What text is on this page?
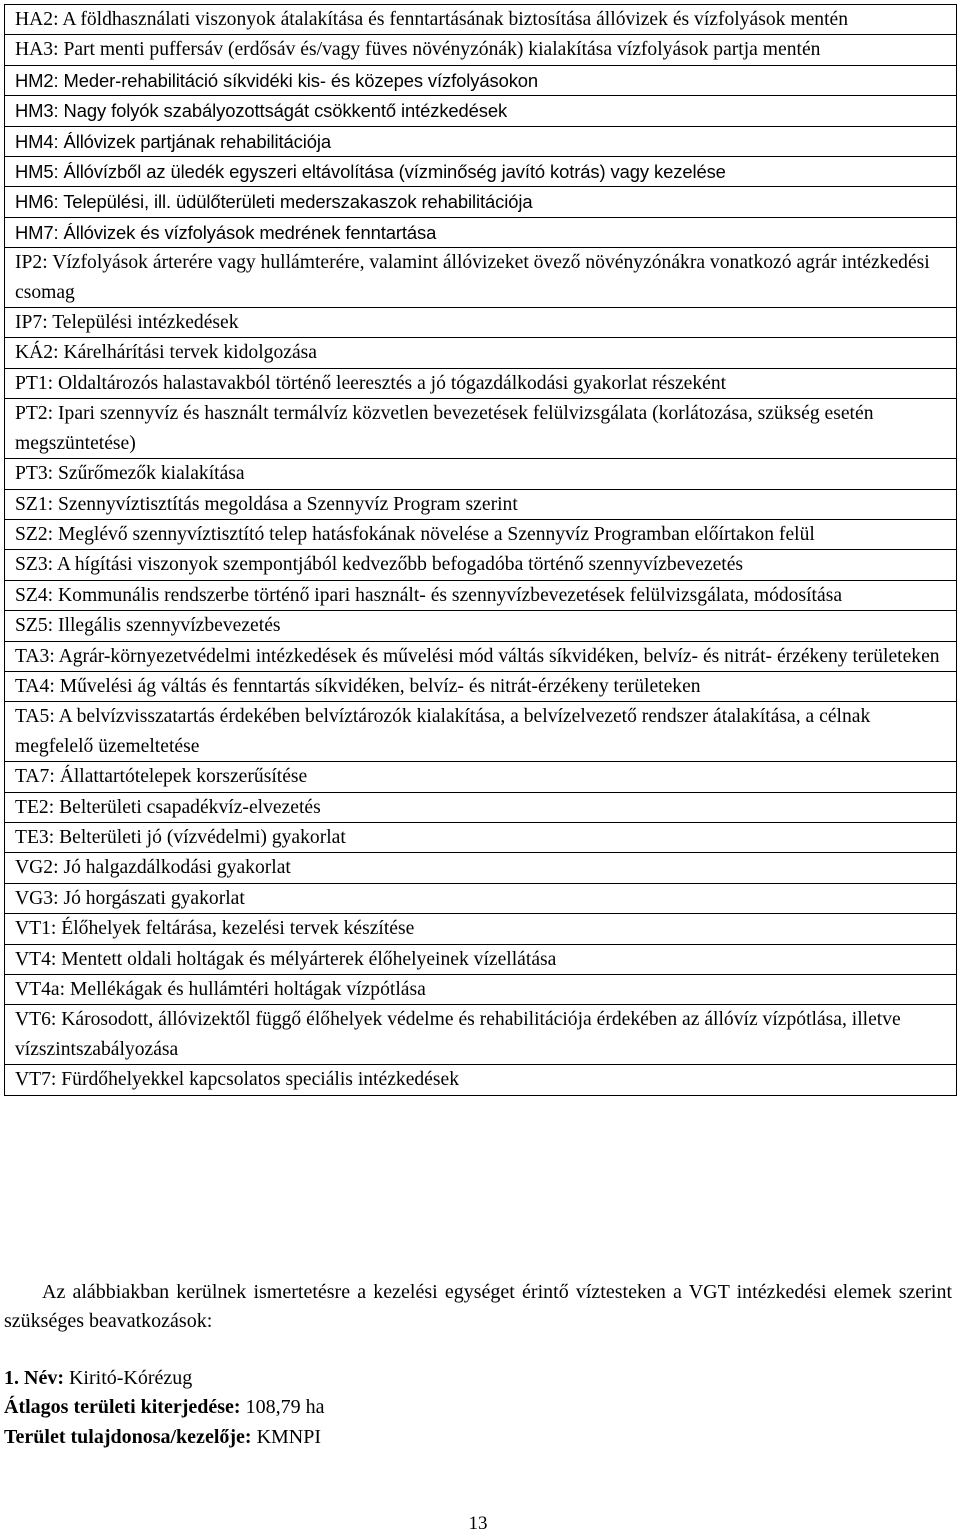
HA2: A földhasználati viszonyok átalakítása és fenntartásának biztosítása állóvizek és vízfolyások mentén
HA3: Part menti puffersáv (erdősáv és/vagy füves növényzónák) kialakítása vízfolyások partja mentén
HM2: Meder-rehabilitáció síkvidéki kis- és közepes vízfolyásokon
HM3: Nagy folyók szabályozottságát csökkentő intézkedések
HM4: Állóvizek partjának rehabilitációja
HM5: Állóvízből az üledék egyszeri eltávolítása (vízminőség javító kotrás) vagy kezelése
HM6: Települési, ill. üdülőterületi mederszakaszok rehabilitációja
HM7: Állóvizek és vízfolyások medrének fenntartása
IP2: Vízfolyások árterére vagy hullámterére, valamint állóvizeket övező növényzónákra vonatkozó agrár intézkedési csomag
IP7: Települési intézkedések
KÁ2: Kárelhárítási tervek kidolgozása
PT1: Oldaltározós halastavakból történő leeresztés a jó tógazdálkodási gyakorlat részeként
PT2: Ipari szennyvíz és használt termálvíz közvetlen bevezetések felülvizsgálata (korlátozása, szükség esetén megszüntetése)
PT3: Szűrőmezők kialakítása
SZ1: Szennyvíztisztítás megoldása a Szennyvíz Program szerint
SZ2: Meglévő szennyvíztisztító telep hatásfokának növelése a Szennyvíz Programban előírtakon felül
SZ3: A hígítási viszonyok szempontjából kedvezőbb befogadóba történő szennyvízbevezetés
SZ4: Kommunális rendszerbe történő ipari használt- és szennyvízbevezetések felülvizsgálata, módosítása
SZ5: Illegális szennyvízbevezetés
TA3: Agrár-környezetvédelmi intézkedések és művelési mód váltás síkvidéken, belvíz- és nitrát- érzékeny területeken
TA4: Művelési ág váltás és fenntartás síkvidéken, belvíz- és nitrát-érzékeny területeken
TA5: A belvízvisszatartás érdekében belvíztározók kialakítása, a belvízelvezető rendszer átalakítása, a célnak megfelelő üzemeltetése
TA7: Állattartótelepek korszerűsítése
TE2: Belterületi csapadékvíz-elvezetés
TE3: Belterületi jó (vízvédelmi) gyakorlat
VG2: Jó halgazdálkodási gyakorlat
VG3: Jó horgászati gyakorlat
VT1: Élőhelyek feltárása, kezelési tervek készítése
VT4: Mentett oldali holtágak és mélyárterek élőhelyeinek vízellátása
VT4a: Mellékágak és hullámtéri holtágak vízpótlása
VT6: Károsodott, állóvizektől függő élőhelyek védelme és rehabilitációja érdekében az állóvíz vízpótlása, illetve vízszintszabályozása
VT7: Fürdőhelyekkel kapcsolatos speciális intézkedések

Az alábbiakban kerülnek ismertetésre a kezelési egységet érintő víztesteken a VGT intézkedési elemek szerint szükséges beavatkozások:

1. Név: Kiritó-Kórézug
Átlagos területi kiterjedése: 108,79 ha
Terület tulajdonosa/kezelője: KMNPI
13
